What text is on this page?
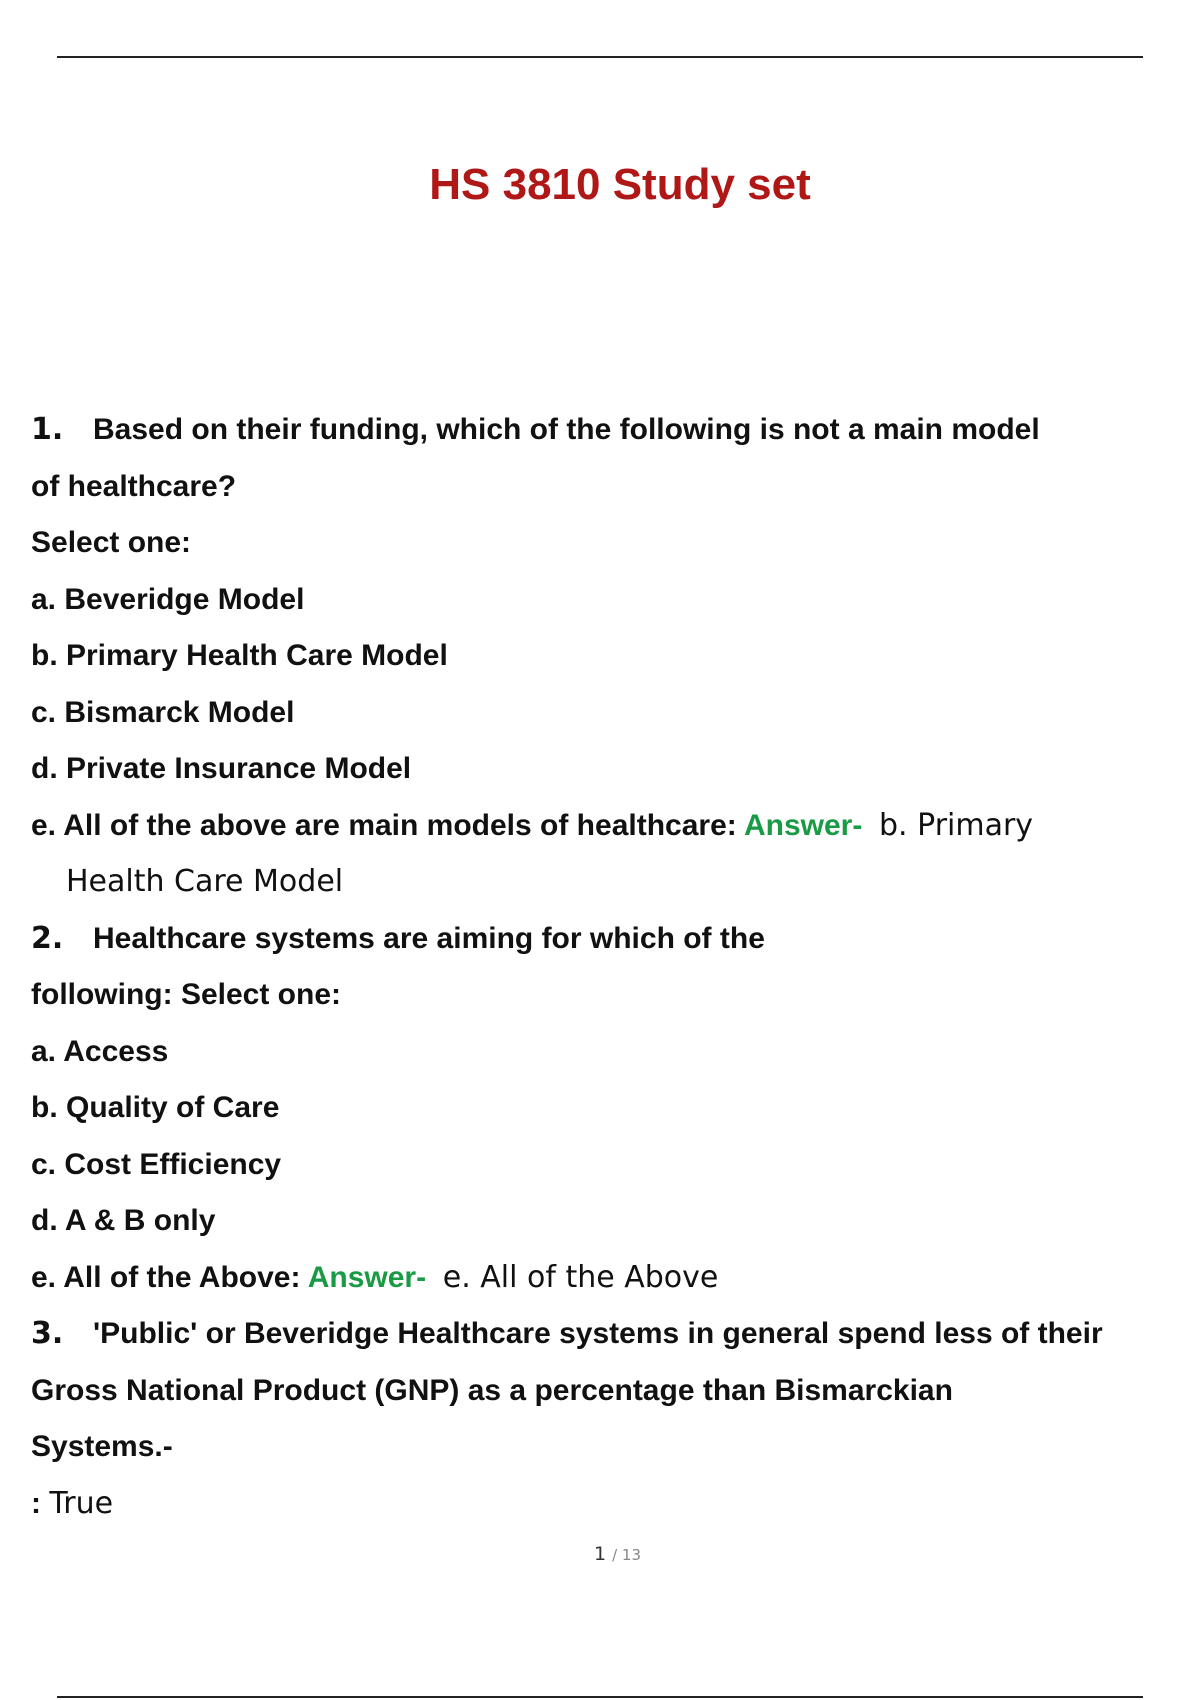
HS 3810 Study set

1. Based on their funding, which of the following is not a main model

of healthcare?

Select one:

a. Beveridge Model

b. Primary Health Care Model

c. Bismarck Model

d. Private Insurance Model

e. All of the above are main models of healthcare: Answer- b. Primary

Health Care Model

2. Healthcare systems are aiming for which of the

following: Select one:

a. Access

b. Quality of Care

c. Cost Efficiency

d. A & B only

e. All of the Above: Answer- e. All of the Above

3. 'Public' or Beveridge Healthcare systems in general spend less of their

Gross National Product (GNP) as a percentage than Bismarckian

Systems.-

: True

1 / 13
